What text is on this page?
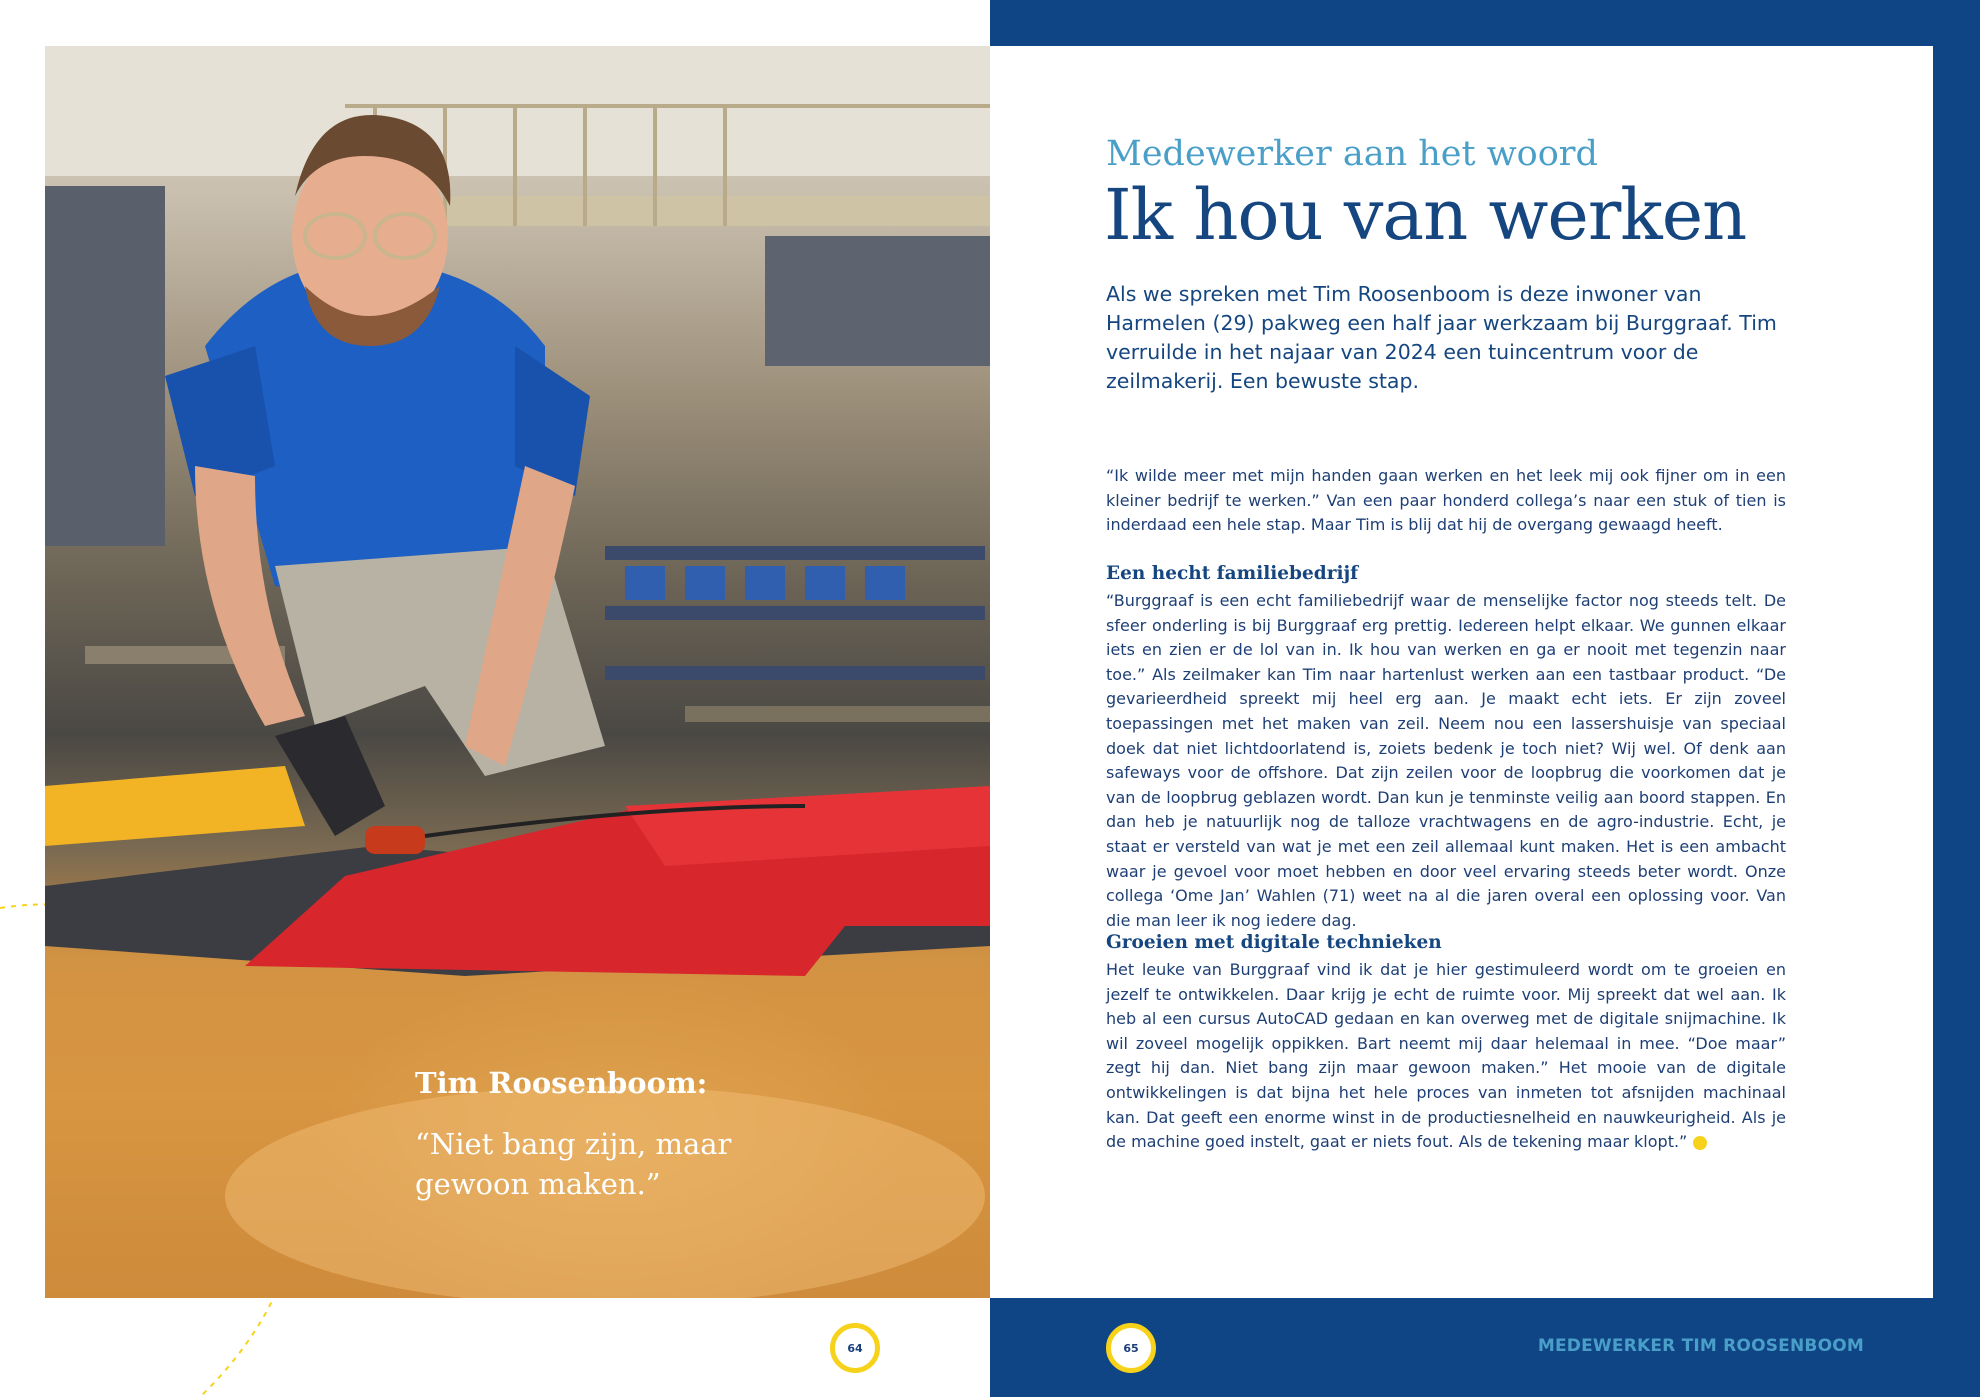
Tim Roosenboom:

“Niet bang zijn, maar gewoon maken.”

64
Medewerker aan het woord
Ik hou van werken

Als we spreken met Tim Roosenboom is deze inwoner van Harmelen (29) pakweg een half jaar werkzaam bij Burggraaf. Tim verruilde in het najaar van 2024 een tuincentrum voor de zeilmakerij. Een bewuste stap.

“Ik wilde meer met mijn handen gaan werken en het leek mij ook fijner om in een kleiner bedrijf te werken.” Van een paar honderd collega’s naar een stuk of tien is inderdaad een hele stap. Maar Tim is blij dat hij de overgang gewaagd heeft.

Een hecht familiebedrijf

“Burggraaf is een echt familiebedrijf waar de menselijke factor nog steeds telt. De sfeer onderling is bij Burggraaf erg prettig. Iedereen helpt elkaar. We gunnen elkaar iets en zien er de lol van in. Ik hou van werken en ga er nooit met tegenzin naar toe.” Als zeilmaker kan Tim naar hartenlust werken aan een tastbaar product. “De gevarieerdheid spreekt mij heel erg aan. Je maakt echt iets. Er zijn zoveel toepassingen met het maken van zeil. Neem nou een lassershuisje van speciaal doek dat niet lichtdoorlatend is, zoiets bedenk je toch niet? Wij wel. Of denk aan safeways voor de offshore. Dat zijn zeilen voor de loopbrug die voorkomen dat je van de loopbrug geblazen wordt. Dan kun je tenminste veilig aan boord stappen. En dan heb je natuurlijk nog de talloze vrachtwagens en de agro-industrie. Echt, je staat er versteld van wat je met een zeil allemaal kunt maken. Het is een ambacht waar je gevoel voor moet hebben en door veel ervaring steeds beter wordt. Onze collega ‘Ome Jan’ Wahlen (71) weet na al die jaren overal een oplossing voor. Van die man leer ik nog iedere dag.

Groeien met digitale technieken

Het leuke van Burggraaf vind ik dat je hier gestimuleerd wordt om te groeien en jezelf te ontwikkelen. Daar krijg je echt de ruimte voor. Mij spreekt dat wel aan. Ik heb al een cursus AutoCAD gedaan en kan overweg met de digitale snijmachine. Ik wil zoveel mogelijk oppikken. Bart neemt mij daar helemaal in mee. “Doe maar” zegt hij dan. Niet bang zijn maar gewoon maken.” Het mooie van de digitale ontwikkelingen is dat bijna het hele proces van inmeten tot afsnijden machinaal kan. Dat geeft een enorme winst in de productiesnelheid en nauwkeurigheid. Als je de machine goed instelt, gaat er niets fout. Als de tekening maar klopt.”

65	MEDEWERKER TIM ROOSENBOOM
